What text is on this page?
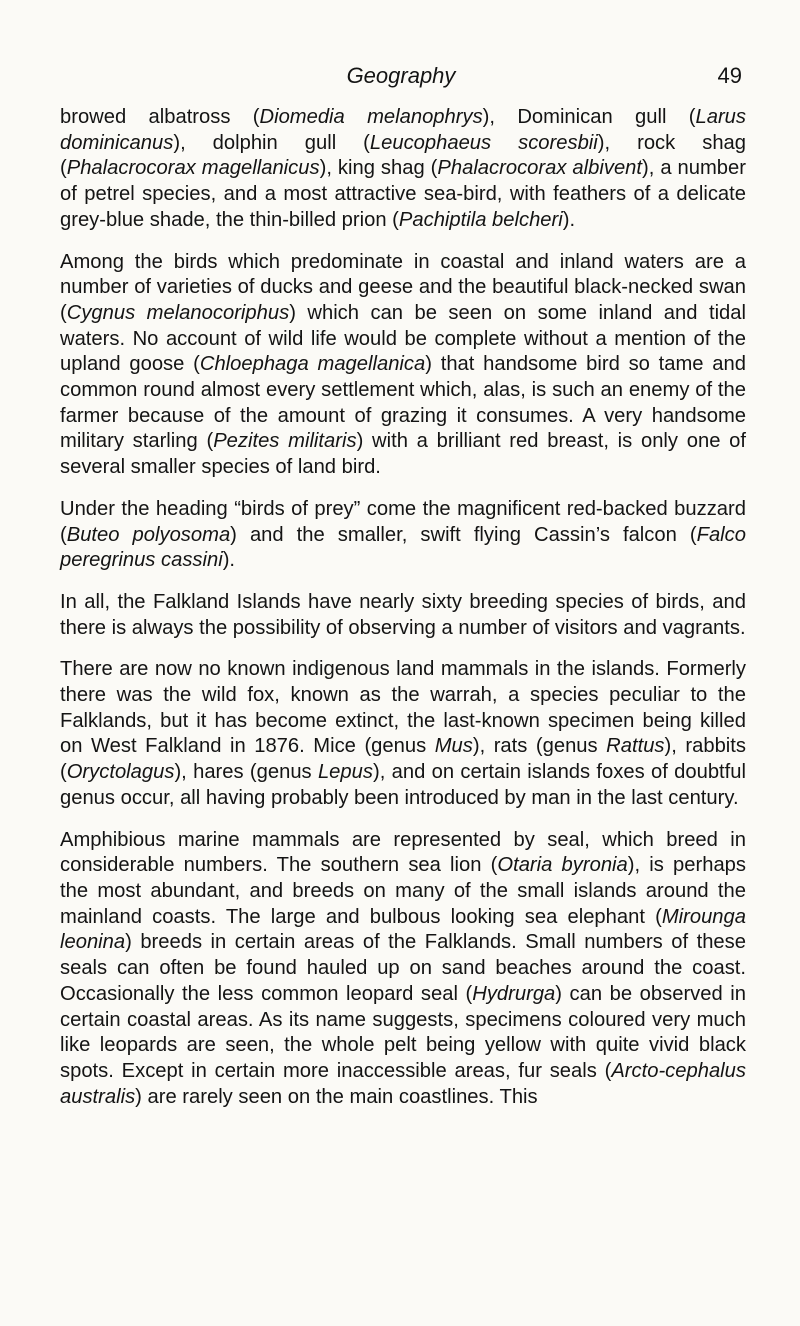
Geography	49

browed albatross (Diomedia melanophrys), Dominican gull (Larus dominicanus), dolphin gull (Leucophaeus scoresbii), rock shag (Phalacrocorax magellanicus), king shag (Phalacrocorax albivent), a number of petrel species, and a most attractive sea-bird, with feathers of a delicate grey-blue shade, the thin-billed prion (Pachiptila belcheri).

Among the birds which predominate in coastal and inland waters are a number of varieties of ducks and geese and the beautiful black-necked swan (Cygnus melanocoriphus) which can be seen on some inland and tidal waters. No account of wild life would be complete without a mention of the upland goose (Chloephaga magellanica) that handsome bird so tame and common round almost every settlement which, alas, is such an enemy of the farmer because of the amount of grazing it consumes. A very handsome military starling (Pezites militaris) with a brilliant red breast, is only one of several smaller species of land bird.

Under the heading “birds of prey” come the magnificent red-backed buzzard (Buteo polyosoma) and the smaller, swift flying Cassin’s falcon (Falco peregrinus cassini).

In all, the Falkland Islands have nearly sixty breeding species of birds, and there is always the possibility of observing a number of visitors and vagrants.

There are now no known indigenous land mammals in the islands. Formerly there was the wild fox, known as the warrah, a species peculiar to the Falklands, but it has become extinct, the last-known specimen being killed on West Falkland in 1876. Mice (genus Mus), rats (genus Rattus), rabbits (Oryctolagus), hares (genus Lepus), and on certain islands foxes of doubtful genus occur, all having probably been introduced by man in the last century.

Amphibious marine mammals are represented by seal, which breed in considerable numbers. The southern sea lion (Otaria byronia), is perhaps the most abundant, and breeds on many of the small islands around the mainland coasts. The large and bulbous looking sea elephant (Mirounga leonina) breeds in certain areas of the Falklands. Small numbers of these seals can often be found hauled up on sand beaches around the coast. Occasionally the less common leopard seal (Hydrurga) can be observed in certain coastal areas. As its name suggests, specimens coloured very much like leopards are seen, the whole pelt being yellow with quite vivid black spots. Except in certain more inaccessible areas, fur seals (Arcto-cephalus australis) are rarely seen on the main coastlines. This
